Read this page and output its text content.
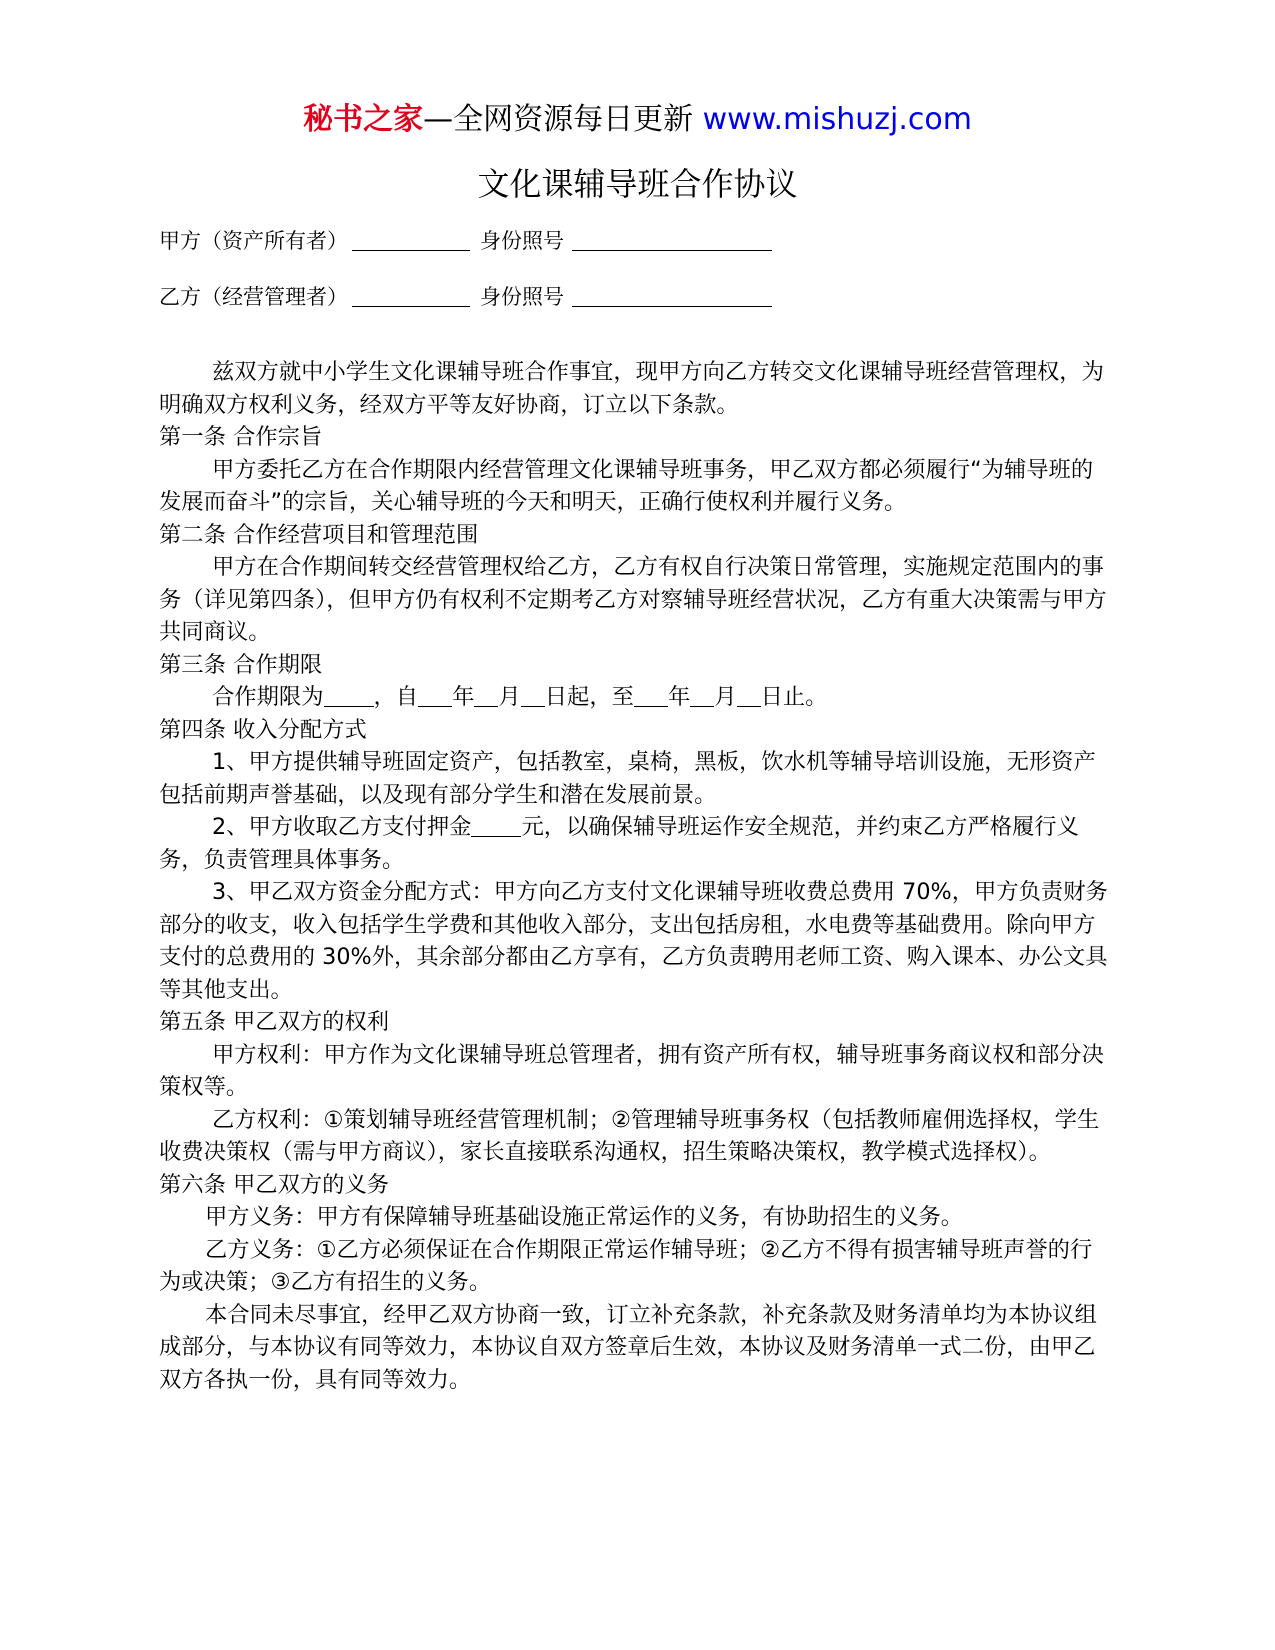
秘书之家—全网资源每日更新 www.mishuzj.com
文化课辅导班合作协议
甲方（资产所有者）	身份照号
乙方（经营管理者）	身份照号

兹双方就中小学生文化课辅导班合作事宜，现甲方向乙方转交文化课辅导班经营管理权，为明确双方权利义务，经双方平等友好协商，订立以下条款。

第一条 合作宗旨

甲方委托乙方在合作期限内经营管理文化课辅导班事务，甲乙双方都必须履行“为辅导班的发展而奋斗”的宗旨，关心辅导班的今天和明天，正确行使权利并履行义务。

第二条 合作经营项目和管理范围

甲方在合作期间转交经营管理权给乙方，乙方有权自行决策日常管理，实施规定范围内的事务（详见第四条），但甲方仍有权利不定期考乙方对察辅导班经营状况，乙方有重大决策需与甲方共同商议。

第三条 合作期限

合作期限为 ，自 年 月 日起，至 年 月 日止。

第四条 收入分配方式

1、甲方提供辅导班固定资产，包括教室，桌椅，黑板，饮水机等辅导培训设施，无形资产包括前期声誉基础，以及现有部分学生和潜在发展前景。

2、甲方收取乙方支付押金 元，以确保辅导班运作安全规范，并约束乙方严格履行义务，负责管理具体事务。

3、甲乙双方资金分配方式：甲方向乙方支付文化课辅导班收费总费用 70%，甲方负责财务部分的收支，收入包括学生学费和其他收入部分，支出包括房租，水电费等基础费用。除向甲方支付的总费用的 30%外，其余部分都由乙方享有，乙方负责聘用老师工资、购入课本、办公文具等其他支出。

第五条 甲乙双方的权利

甲方权利：甲方作为文化课辅导班总管理者，拥有资产所有权，辅导班事务商议权和部分决策权等。

乙方权利：①策划辅导班经营管理机制；②管理辅导班事务权（包括教师雇佣选择权，学生收费决策权（需与甲方商议），家长直接联系沟通权，招生策略决策权，教学模式选择权）。

第六条 甲乙双方的义务

甲方义务：甲方有保障辅导班基础设施正常运作的义务，有协助招生的义务。

乙方义务：①乙方必须保证在合作期限正常运作辅导班；②乙方不得有损害辅导班声誉的行为或决策；③乙方有招生的义务。

本合同未尽事宜，经甲乙双方协商一致，订立补充条款，补充条款及财务清单均为本协议组成部分，与本协议有同等效力，本协议自双方签章后生效，本协议及财务清单一式二份，由甲乙双方各执一份，具有同等效力。
